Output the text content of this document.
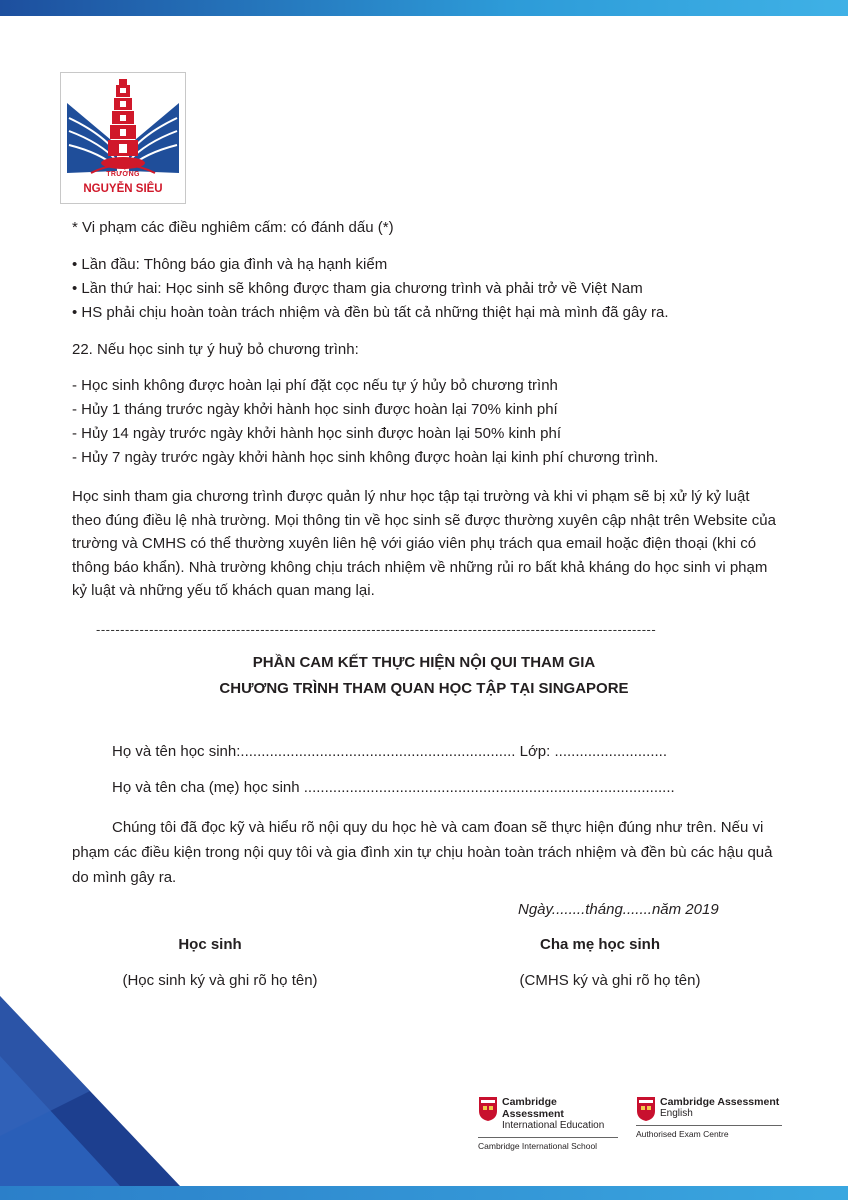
TRƯỜNG
NGUYỄN SIÊU
* Vi phạm các điều nghiêm cấm: có đánh dấu (*)
• Lần đầu: Thông báo gia đình và hạ hạnh kiểm
• Lần thứ hai: Học sinh sẽ không được tham gia chương trình và phải trở về Việt Nam
• HS phải chịu hoàn toàn trách nhiệm và đền bù tất cả những thiệt hại mà mình đã gây ra.
22. Nếu học sinh tự ý huỷ bỏ chương trình:
- Học sinh không được hoàn lại phí đặt cọc nếu tự ý hủy bỏ chương trình
- Hủy 1 tháng trước ngày khởi hành học sinh được hoàn lại 70% kinh phí
- Hủy 14 ngày trước ngày khởi hành học sinh được hoàn lại 50% kinh phí
- Hủy 7 ngày trước ngày khởi hành học sinh không được hoàn lại kinh phí chương trình.
Học sinh tham gia chương trình được quản lý như học tập tại trường và khi vi phạm sẽ bị xử lý kỷ luật theo đúng điều lệ nhà trường. Mọi thông tin về học sinh sẽ được thường xuyên cập nhật trên Website của trường và CMHS có thể thường xuyên liên hệ với giáo viên phụ trách qua email hoặc điện thoại (khi có thông báo khẩn). Nhà trường không chịu trách nhiệm về những rủi ro bất khả kháng do học sinh vi phạm kỷ luật và những yếu tố khách quan mang lại.
--------------------------------------------------------------------------------------------------------------------
PHẦN CAM KẾT THỰC HIỆN NỘI QUI THAM GIA
CHƯƠNG TRÌNH THAM QUAN HỌC TẬP TẠI SINGAPORE
Họ và tên học sinh:.................................................................. Lớp: ...........................
Họ và tên cha (mẹ) học sinh .........................................................................................
Chúng tôi đã đọc kỹ và hiểu rõ nội quy du học hè và cam đoan sẽ thực hiện đúng như trên. Nếu vi phạm các điều kiện trong nội quy tôi và gia đình xin tự chịu hoàn toàn trách nhiệm và đền bù các hậu quả do mình gây ra.
Ngày........tháng.......năm 2019
Học sinh	Cha mẹ học sinh
(Học sinh ký và ghi rõ họ tên)	(CMHS ký và ghi rõ họ tên)
Cambridge Assessment
International Education
Cambridge International School
Cambridge Assessment
English
Authorised Exam Centre
